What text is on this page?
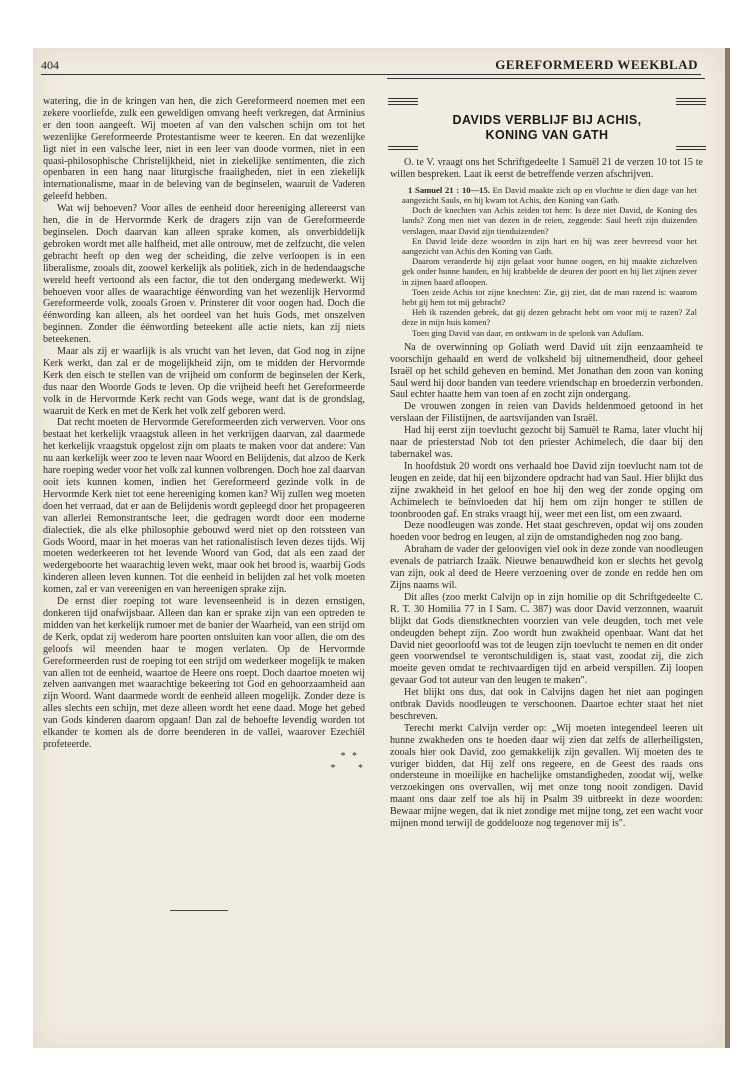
404	GEREFORMEERD WEEKBLAD

watering, die in de kringen van hen, die zich Gereformeerd noemen met een zekere voorliefde, zulk een geweldigen omvang heeft verkregen, dat Arminius er den toon aangeeft. Wij moeten af van den valschen schijn om tot het wezenlijke Gereformeerde Protestantisme weer te keeren. En dat wezenlijke ligt niet in een valsche leer, niet in een leer van doode vormen, niet in een quasi-philosophische Christelijkheid, niet in ziekelijke sentimenten, die zich openbaren in een hang naar liturgische fraaiigheden, niet in een ziekelijk internationalisme, maar in de beleving van de beginselen, waaruit de Vaderen geleefd hebben.

Wat wij behoeven? Voor alles de eenheid door hereeniging allereerst van hen, die in de Hervormde Kerk de dragers zijn van de Gereformeerde beginselen. Doch daarvan kan alleen sprake komen, als onverbiddelijk gebroken wordt met alle halfheid, met alle ontrouw, met de zelfzucht, die velen gebracht heeft op den weg der scheiding, die zelve verloopen is in een liberalisme, zooals dit, zoowel kerkelijk als politiek, zich in de hedendaagsche wereld heeft vertoond als een factor, die tot den ondergang medewerkt. Wij behoeven voor alles de waarachtige éénwording van het wezenlijk Hervormd Gereformeerde volk, zooals Groen v. Prinsterer dit voor oogen had. Doch die éénwording kan alleen, als het oordeel van het huis Gods, met onszelven beginnen. Zonder die éénwording beteekent alle actie niets, kan zij niets beteekenen.

Maar als zij er waarlijk is als vrucht van het leven, dat God nog in zijne Kerk werkt, dan zal er de mogelijkheid zijn, om te midden der Hervormde Kerk den eisch te stellen van de vrijheid om conform de beginselen der Kerk, dus naar den Woorde Gods te leven. Op die vrijheid heeft het Gereformeerde volk in de Hervormde Kerk recht van Gods wege, want dat is de grondslag, waaruit de Kerk en met de Kerk het volk zelf geboren werd.

Dat recht moeten de Hervormde Gereformeerden zich verwerven. Voor ons bestaat het kerkelijk vraagstuk alleen in het verkrijgen daarvan, zal daarmede het kerkelijk vraagstuk opgelost zijn om plaats te maken voor dat andere: Van nu aan kerkelijk weer zoo te leven naar Woord en Belijdenis, dat alzoo de Kerk hare roeping weder voor het volk zal kunnen volbrengen. Doch hoe zal daarvan ooit iets kunnen komen, indien het Gereformeerd gezinde volk in de Hervormde Kerk niet tot eene hereeniging komen kan? Wij zullen weg moeten doen het verraad, dat er aan de Belijdenis wordt gepleegd door het propageeren van allerlei Remonstrantsche leer, die gedragen wordt door een moderne dialectiek, die als elke philosophie gebouwd werd niet op den rotssteen van Gods Woord, maar in het moeras van het rationalistisch leven dezes tijds. Wij moeten wederkeeren tot het levende Woord van God, dat als een zaad der wedergeboorte het waarachtig leven wekt, maar ook het brood is, waarbij Gods kinderen alleen leven kunnen. Tot die eenheid in belijden zal het volk moeten komen, zal er van vereenigen en van hereenigen sprake zijn.

De ernst dier roeping tot ware levenseenheid is in dezen ernstigen, donkeren tijd onafwijsbaar. Alleen dan kan er sprake zijn van een optreden te midden van het kerkelijk rumoer met de banier der Waarheid, van een strijd om de Kerk, opdat zij wederom hare poorten ontsluiten kan voor allen, die om des geloofs wil meenden haar te mogen verlaten. Op de Hervormde Gereformeerden rust de roeping tot een strijd om wederkeer mogelijk te maken van allen tot de eenheid, waartoe de Heere ons roept. Doch daartoe moeten wij zelven aanvangen met waarachtige bekeering tot God en gehoorzaamheid aan zijn Woord. Want daarmede wordt de eenheid alleen mogelijk. Zonder deze is alles slechts een schijn, met deze alleen wordt het eene daad. Moge het gebed van Gods kinderen daarom opgaan! Dan zal de behoefte levendig worden tot elkander te komen als de dorre beenderen in de vallei, waarover Ezechiël profeteerde.

* *
* *
DAVIDS VERBLIJF BIJ ACHIS,
KONING VAN GATH

O. te V. vraagt ons het Schriftgedeelte 1 Samuël 21 de verzen 10 tot 15 te willen bespreken. Laat ik eerst de betreffende verzen afschrijven.

1 Samuel 21 : 10—15. En David maakte zich op en vluchtte te dien dage van het aangezicht Sauls, en hij kwam tot Achis, den Koning van Gath.

Doch de knechten van Achis zeiden tot hem: Is deze niet David, de Koning des lands? Zong men niet van dezen in de reien, zeggende: Saul heeft zijn duizenden verslagen, maar David zijn tienduizenden?

En David leide deze woorden in zijn hart en hij was zeer bevreesd voor het aangezicht van Achis den Koning van Gath.

Daarom veranderde hij zijn gelaat voor hunne oogen, en hij maakte zichzelven gek onder hunne handen, en hij krabbelde de deuren der poort en hij liet zijnen zever in zijnen baard afloopen.

Toen zeide Achis tot zijne knechten: Zie, gij ziet, dat de man razend is: waarom hebt gij hem tot mij gebracht?

Heb ik razenden gebrek, dat gij dezen gebracht hebt om voor mij te razen? Zal deze in mijn huis komen?

Toen ging David van daar, en ontkwam in de spelonk van Adullam.

Na de overwinning op Goliath werd David uit zijn eenzaamheid te voorschijn gehaald en werd de volksheld bij uitnemendheid, door geheel Israël op het schild geheven en bemind. Met Jonathan den zoon van koning Saul werd hij door banden van teedere vriendschap en broederzin verbonden. Saul echter haatte hem van toen af en zocht zijn ondergang.

De vrouwen zongen in reien van Davids heldenmoed getoond in het verslaan der Filistijnen, de aartsvijanden van Israël.

Had hij eerst zijn toevlucht gezocht bij Samuël te Rama, later vlucht hij naar de priesterstad Nob tot den priester Achimelech, die daar bij den tabernakel was.

In hoofdstuk 20 wordt ons verhaald hoe David zijn toevlucht nam tot de leugen en zeide, dat hij een bijzondere opdracht had van Saul. Hier blijkt dus zijne zwakheid in het geloof en hoe hij den weg der zonde opging om Achimelech te beïnvloeden dat hij hem om zijn honger te stillen de toonbrooden gaf. En straks vraagt hij, weer met een list, om een zwaard.

Deze noodleugen was zonde. Het staat geschreven, opdat wij ons zouden hoeden voor bedrog en leugen, al zijn de omstandigheden nog zoo bang.

Abraham de vader der geloovigen viel ook in deze zonde van noodleugen evenals de patriarch Izaäk. Nieuwe benauwdheid kon er slechts het gevolg van zijn, ook al deed de Heere verzoening over de zonde en redde hen om Zijns naams wil.

Dit alles (zoo merkt Calvijn op in zijn homilie op dit Schriftgedeelte C. R. T. 30 Homilia 77 in I Sam. C. 387) was door David verzonnen, waaruit blijkt dat Gods dienstknechten voorzien van vele deugden, toch met vele ondeugden behept zijn. Zoo wordt hun zwakheid openbaar. Want dat het David niet geoorloofd was tot de leugen zijn toevlucht te nemen en dit onder geen voorwendsel te verontschuldigen is, staat vast, zoodat zij, die zich moeite geven omdat te rechtvaardigen tijd en arbeid verspillen. Zij loopen gevaar God tot auteur van den leugen te maken".

Het blijkt ons dus, dat ook in Calvijns dagen het niet aan pogingen ontbrak Davids noodleugen te verschoonen. Daartoe echter staat het niet beschreven.

Terecht merkt Calvijn verder op: „Wij moeten integendeel leeren uit hunne zwakheden ons te hoeden daar wij zien dat zelfs de allerheiligsten, zooals hier ook David, zoo gemakkelijk zijn gevallen. Wij moeten des te vuriger bidden, dat Hij zelf ons regeere, en de Geest des raads ons ondersteune in moeilijke en hachelijke omstandigheden, zoodat wij, welke verzoekingen ons overvallen, wij met onze tong nooit zondigen. David maant ons daar zelf toe als hij in Psalm 39 uitbreekt in deze woorden: Bewaar mijne wegen, dat ik niet zondige met mijne tong, zet een wacht voor mijnen mond terwijl de goddelooze nog tegenover mij is".
